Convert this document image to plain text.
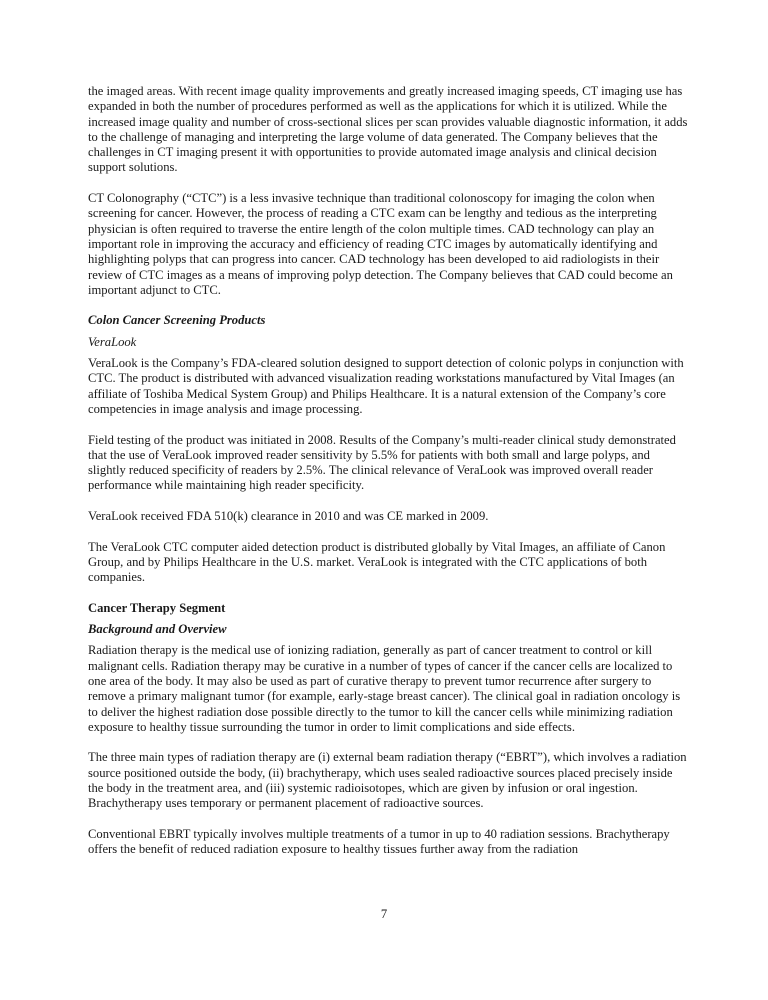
the imaged areas. With recent image quality improvements and greatly increased imaging speeds, CT imaging use has expanded in both the number of procedures performed as well as the applications for which it is utilized. While the increased image quality and number of cross-sectional slices per scan provides valuable diagnostic information, it adds to the challenge of managing and interpreting the large volume of data generated. The Company believes that the challenges in CT imaging present it with opportunities to provide automated image analysis and clinical decision support solutions.

CT Colonography (“CTC”) is a less invasive technique than traditional colonoscopy for imaging the colon when screening for cancer. However, the process of reading a CTC exam can be lengthy and tedious as the interpreting physician is often required to traverse the entire length of the colon multiple times. CAD technology can play an important role in improving the accuracy and efficiency of reading CTC images by automatically identifying and highlighting polyps that can progress into cancer. CAD technology has been developed to aid radiologists in their review of CTC images as a means of improving polyp detection. The Company believes that CAD could become an important adjunct to CTC.

Colon Cancer Screening Products

VeraLook

VeraLook is the Company’s FDA-cleared solution designed to support detection of colonic polyps in conjunction with CTC. The product is distributed with advanced visualization reading workstations manufactured by Vital Images (an affiliate of Toshiba Medical System Group) and Philips Healthcare. It is a natural extension of the Company’s core competencies in image analysis and image processing.

Field testing of the product was initiated in 2008. Results of the Company’s multi-reader clinical study demonstrated that the use of VeraLook improved reader sensitivity by 5.5% for patients with both small and large polyps, and slightly reduced specificity of readers by 2.5%. The clinical relevance of VeraLook was improved overall reader performance while maintaining high reader specificity.

VeraLook received FDA 510(k) clearance in 2010 and was CE marked in 2009.

The VeraLook CTC computer aided detection product is distributed globally by Vital Images, an affiliate of Canon Group, and by Philips Healthcare in the U.S. market. VeraLook is integrated with the CTC applications of both companies.

Cancer Therapy Segment

Background and Overview

Radiation therapy is the medical use of ionizing radiation, generally as part of cancer treatment to control or kill malignant cells. Radiation therapy may be curative in a number of types of cancer if the cancer cells are localized to one area of the body. It may also be used as part of curative therapy to prevent tumor recurrence after surgery to remove a primary malignant tumor (for example, early-stage breast cancer). The clinical goal in radiation oncology is to deliver the highest radiation dose possible directly to the tumor to kill the cancer cells while minimizing radiation exposure to healthy tissue surrounding the tumor in order to limit complications and side effects.

The three main types of radiation therapy are (i) external beam radiation therapy (“EBRT”), which involves a radiation source positioned outside the body, (ii) brachytherapy, which uses sealed radioactive sources placed precisely inside the body in the treatment area, and (iii) systemic radioisotopes, which are given by infusion or oral ingestion. Brachytherapy uses temporary or permanent placement of radioactive sources.

Conventional EBRT typically involves multiple treatments of a tumor in up to 40 radiation sessions. Brachytherapy offers the benefit of reduced radiation exposure to healthy tissues further away from the radiation

7
